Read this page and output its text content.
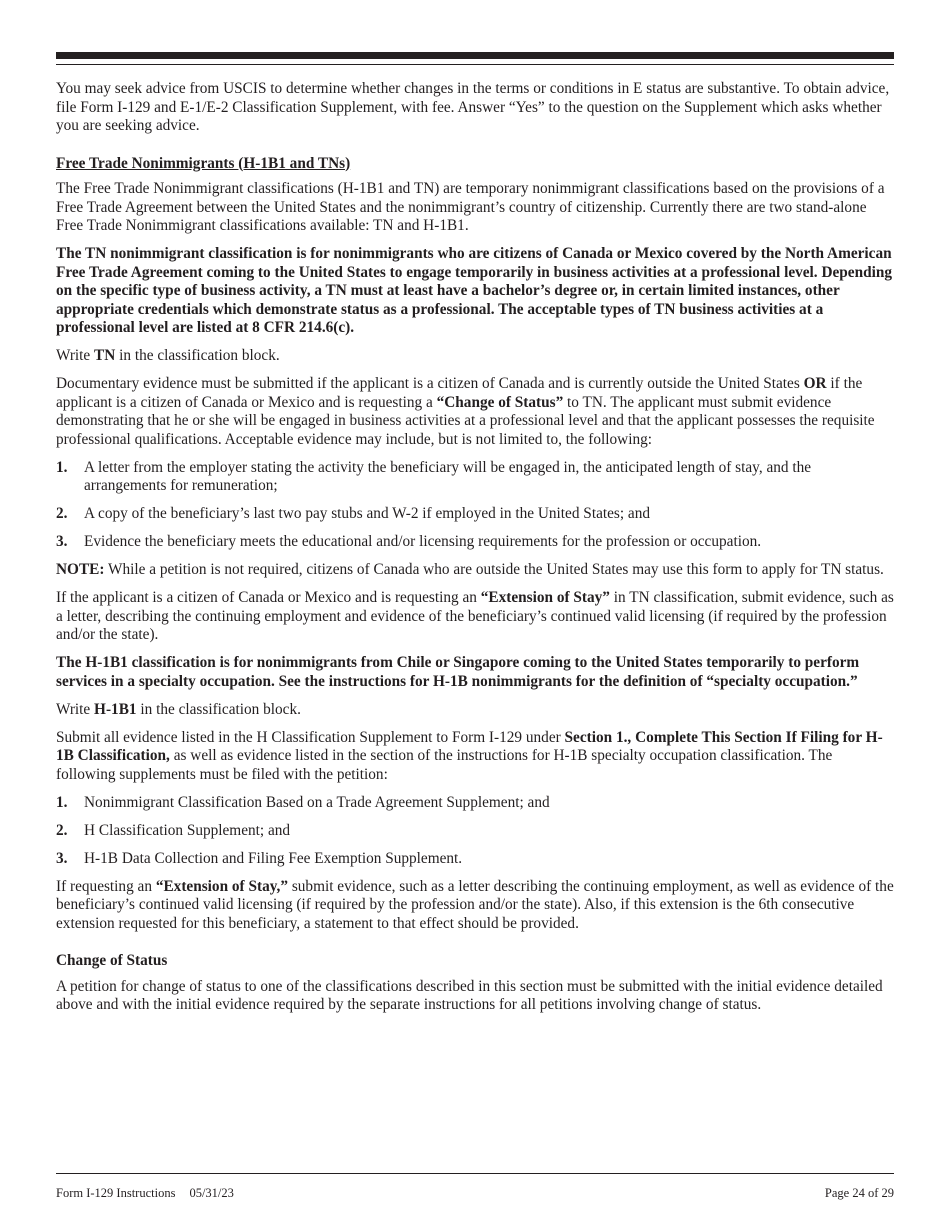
You may seek advice from USCIS to determine whether changes in the terms or conditions in E status are substantive. To obtain advice, file Form I-129 and E-1/E-2 Classification Supplement, with fee. Answer “Yes” to the question on the Supplement which asks whether you are seeking advice.

Free Trade Nonimmigrants (H-1B1 and TNs)

The Free Trade Nonimmigrant classifications (H-1B1 and TN) are temporary nonimmigrant classifications based on the provisions of a Free Trade Agreement between the United States and the nonimmigrant’s country of citizenship. Currently there are two stand-alone Free Trade Nonimmigrant classifications available: TN and H-1B1.

The TN nonimmigrant classification is for nonimmigrants who are citizens of Canada or Mexico covered by the North American Free Trade Agreement coming to the United States to engage temporarily in business activities at a professional level. Depending on the specific type of business activity, a TN must at least have a bachelor’s degree or, in certain limited instances, other appropriate credentials which demonstrate status as a professional. The acceptable types of TN business activities at a professional level are listed at 8 CFR 214.6(c).

Write TN in the classification block.

Documentary evidence must be submitted if the applicant is a citizen of Canada and is currently outside the United States OR if the applicant is a citizen of Canada or Mexico and is requesting a “Change of Status” to TN. The applicant must submit evidence demonstrating that he or she will be engaged in business activities at a professional level and that the applicant possesses the requisite professional qualifications. Acceptable evidence may include, but is not limited to, the following:

1.	A letter from the employer stating the activity the beneficiary will be engaged in, the anticipated length of stay, and the arrangements for remuneration;
2.	A copy of the beneficiary’s last two pay stubs and W-2 if employed in the United States; and
3.	Evidence the beneficiary meets the educational and/or licensing requirements for the profession or occupation.

NOTE: While a petition is not required, citizens of Canada who are outside the United States may use this form to apply for TN status.

If the applicant is a citizen of Canada or Mexico and is requesting an “Extension of Stay” in TN classification, submit evidence, such as a letter, describing the continuing employment and evidence of the beneficiary’s continued valid licensing (if required by the profession and/or the state).

The H-1B1 classification is for nonimmigrants from Chile or Singapore coming to the United States temporarily to perform services in a specialty occupation. See the instructions for H-1B nonimmigrants for the definition of “specialty occupation.”

Write H-1B1 in the classification block.

Submit all evidence listed in the H Classification Supplement to Form I-129 under Section 1., Complete This Section If Filing for H-1B Classification, as well as evidence listed in the section of the instructions for H-1B specialty occupation classification. The following supplements must be filed with the petition:

1.	Nonimmigrant Classification Based on a Trade Agreement Supplement; and
2.	H Classification Supplement; and
3.	H-1B Data Collection and Filing Fee Exemption Supplement.

If requesting an “Extension of Stay,” submit evidence, such as a letter describing the continuing employment, as well as evidence of the beneficiary’s continued valid licensing (if required by the profession and/or the state). Also, if this extension is the 6th consecutive extension requested for this beneficiary, a statement to that effect should be provided.

Change of Status

A petition for change of status to one of the classifications described in this section must be submitted with the initial evidence detailed above and with the initial evidence required by the separate instructions for all petitions involving change of status.

Form I-129 Instructions 05/31/23	Page 24 of 29
